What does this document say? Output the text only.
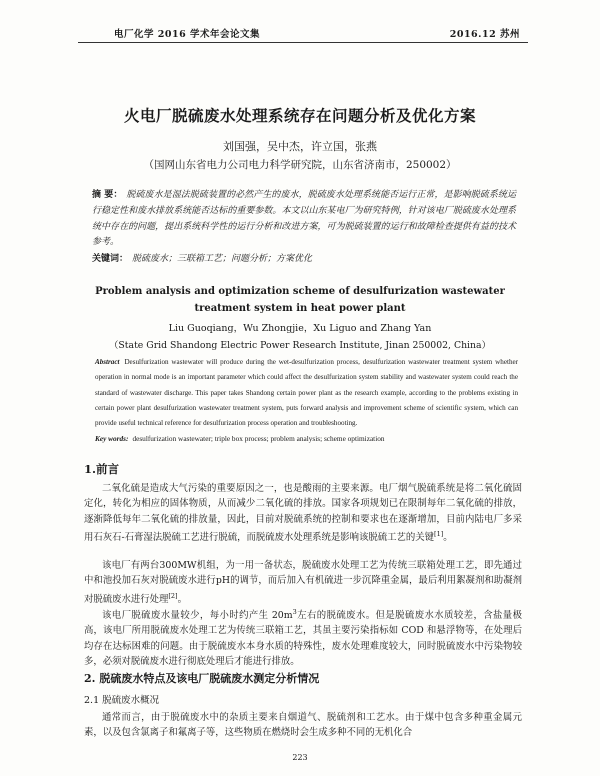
电厂化学 2016 学术年会论文集	2016.12 苏州
火电厂脱硫废水处理系统存在问题分析及优化方案
刘国强，吴中杰，许立国，张燕
（国网山东省电力公司电力科学研究院，山东省济南市，250002）
摘 要： 脱硫废水是湿法脱硫装置的必然产生的废水，脱硫废水处理系统能否运行正常，是影响脱硫系统运行稳定性和废水排放系统能否达标的重要参数。本文以山东某电厂为研究特例，针对该电厂脱硫废水处理系统中存在的问题，提出系统科学性的运行分析和改进方案，可为脱硫装置的运行和故障检查提供有益的技术参考。
关键词： 脱硫废水；三联箱工艺；问题分析；方案优化
Problem analysis and optimization scheme of desulfurization wastewater treatment system in heat power plant
Liu Guoqiang，Wu Zhongjie，Xu Liguo and Zhang Yan
（State Grid Shandong Electric Power Research Institute, Jinan 250002, China）
Abstract Desulfurization wastewater will produce during the wet-desulfurization process, desulfurization wastewater treatment system whether operation in normal mode is an important parameter which could affect the desulfurization system stability and wastewater system could reach the standard of wastewater discharge. This paper takes Shandong certain power plant as the research example, according to the problems existing in certain power plant desulfurization wastewater treatment system, puts forward analysis and improvement scheme of scientific system, which can provide useful technical reference for desulfurization process operation and troubleshooting.
Key words: desulfurization wastewater; triple box process; problem analysis; scheme optimization
1.前言
二氧化硫是造成大气污染的重要原因之一，也是酸雨的主要来源。电厂烟气脱硫系统是将二氧化硫固定化，转化为相应的固体物质，从而减少二氧化硫的排放。国家各项规划已在限制每年二氧化硫的排放，逐渐降低每年二氧化硫的排放量，因此，目前对脱硫系统的控制和要求也在逐渐增加，目前内陆电厂多采用石灰石-石膏湿法脱硫工艺进行脱硫，而脱硫废水处理系统是影响该脱硫工艺的关键[1]。
该电厂有两台300MW机组，为一用一备状态，脱硫废水处理工艺为传统三联箱处理工艺，即先通过中和池投加石灰对脱硫废水进行pH的调节，而后加入有机硫进一步沉降重金属，最后利用絮凝剂和助凝剂对脱硫废水进行处理[2]。
该电厂脱硫废水量较少，每小时约产生 $20m^3$左右的脱硫废水。但是脱硫废水水质较差，含盐量极高，该电厂所用脱硫废水处理工艺为传统三联箱工艺，其虽主要污染指标如 COD 和悬浮物等，在处理后均存在达标困难的问题。由于脱硫废水本身水质的特殊性，废水处理难度较大，同时脱硫废水中污染物较多，必须对脱硫废水进行彻底处理后才能进行排放。
2. 脱硫废水特点及该电厂脱硫废水测定分析情况
2.1 脱硫废水概况
通常而言，由于脱硫废水中的杂质主要来自烟道气、脱硫剂和工艺水。由于煤中包含多种重金属元素，以及包含氯离子和氟离子等，这些物质在燃烧时会生成多种不同的无机化合
223
